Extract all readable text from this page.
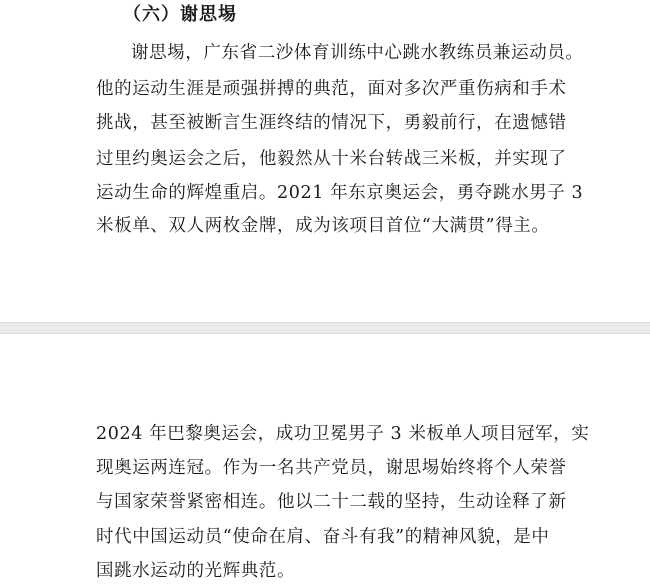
（六）谢思埸
谢思埸，广东省二沙体育训练中心跳水教练员兼运动员。
他的运动生涯是顽强拼搏的典范，面对多次严重伤病和手术
挑战，甚至被断言生涯终结的情况下，勇毅前行，在遗憾错
过里约奥运会之后，他毅然从十米台转战三米板，并实现了
运动生命的辉煌重启。2021 年东京奥运会，勇夺跳水男子 3
米板单、双人两枚金牌，成为该项目首位“大满贯”得主。
2024 年巴黎奥运会，成功卫冕男子 3 米板单人项目冠军，实
现奥运两连冠。作为一名共产党员，谢思埸始终将个人荣誉
与国家荣誉紧密相连。他以二十二载的坚持，生动诠释了新
时代中国运动员“使命在肩、奋斗有我”的精神风貌，是中
国跳水运动的光辉典范。
